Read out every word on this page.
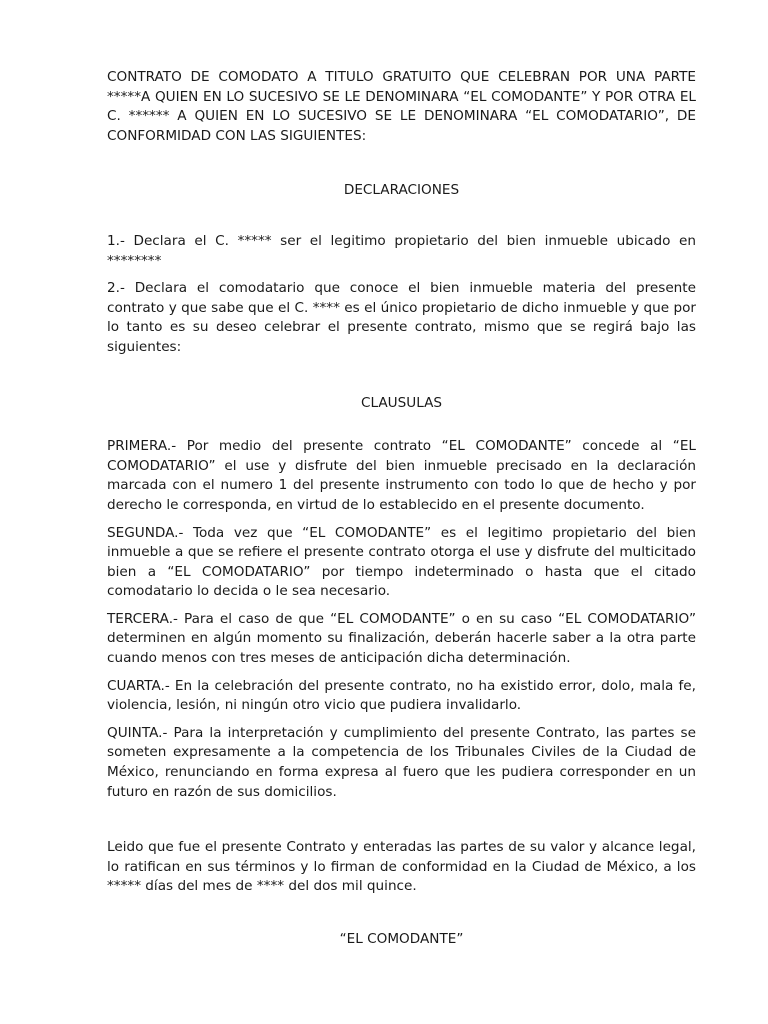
CONTRATO DE COMODATO A TITULO GRATUITO QUE CELEBRAN POR UNA PARTE *****A QUIEN EN LO SUCESIVO SE LE DENOMINARA “EL COMODANTE” Y POR OTRA EL C. ****** A QUIEN EN LO SUCESIVO SE LE DENOMINARA “EL COMODATARIO”, DE CONFORMIDAD CON LAS SIGUIENTES:

DECLARACIONES

1.- Declara el C. ***** ser el legitimo propietario del bien inmueble ubicado en ********

2.- Declara el comodatario que conoce el bien inmueble materia del presente contrato y que sabe que el C. **** es el único propietario de dicho inmueble y que por lo tanto es su deseo celebrar el presente contrato, mismo que se regirá bajo las siguientes:

CLAUSULAS

PRIMERA.- Por medio del presente contrato “EL COMODANTE” concede al “EL COMODATARIO” el use y disfrute del bien inmueble precisado en la declaración marcada con el numero 1 del presente instrumento con todo lo que de hecho y por derecho le corresponda, en virtud de lo establecido en el presente documento.

SEGUNDA.- Toda vez que “EL COMODANTE” es el legitimo propietario del bien inmueble a que se refiere el presente contrato otorga el use y disfrute del multicitado bien a “EL COMODATARIO” por tiempo indeterminado o hasta que el citado comodatario lo decida o le sea necesario.

TERCERA.- Para el caso de que “EL COMODANTE” o en su caso “EL COMODATARIO” determinen en algún momento su finalización, deberán hacerle saber a la otra parte cuando menos con tres meses de anticipación dicha determinación.

CUARTA.- En la celebración del presente contrato, no ha existido error, dolo, mala fe, violencia, lesión, ni ningún otro vicio que pudiera invalidarlo.

QUINTA.- Para la interpretación y cumplimiento del presente Contrato, las partes se someten expresamente a la competencia de los Tribunales Civiles de la Ciudad de México, renunciando en forma expresa al fuero que les pudiera corresponder en un futuro en razón de sus domicilios.

Leido que fue el presente Contrato y enteradas las partes de su valor y alcance legal, lo ratifican en sus términos y lo firman de conformidad en la Ciudad de México, a los ***** días del mes de **** del dos mil quince.

“EL COMODANTE”
